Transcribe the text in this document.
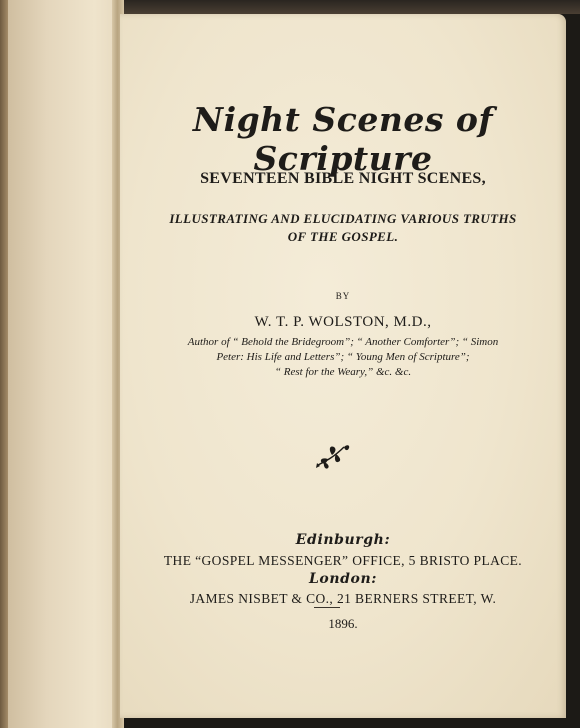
Night Scenes of Scripture
SEVENTEEN BIBLE NIGHT SCENES,
ILLUSTRATING AND ELUCIDATING VARIOUS TRUTHS
OF THE GOSPEL.
BY
W. T. P. WOLSTON, M.D.,
Author of “ Behold the Bridegroom”; “ Another Comforter”; “ Simon
Peter: His Life and Letters”; “ Young Men of Scripture”;
“ Rest for the Weary,” &c. &c.
Edinburgh:
THE “GOSPEL MESSENGER” OFFICE, 5 BRISTO PLACE.
London:
JAMES NISBET & CO., 21 BERNERS STREET, W.
1896.
